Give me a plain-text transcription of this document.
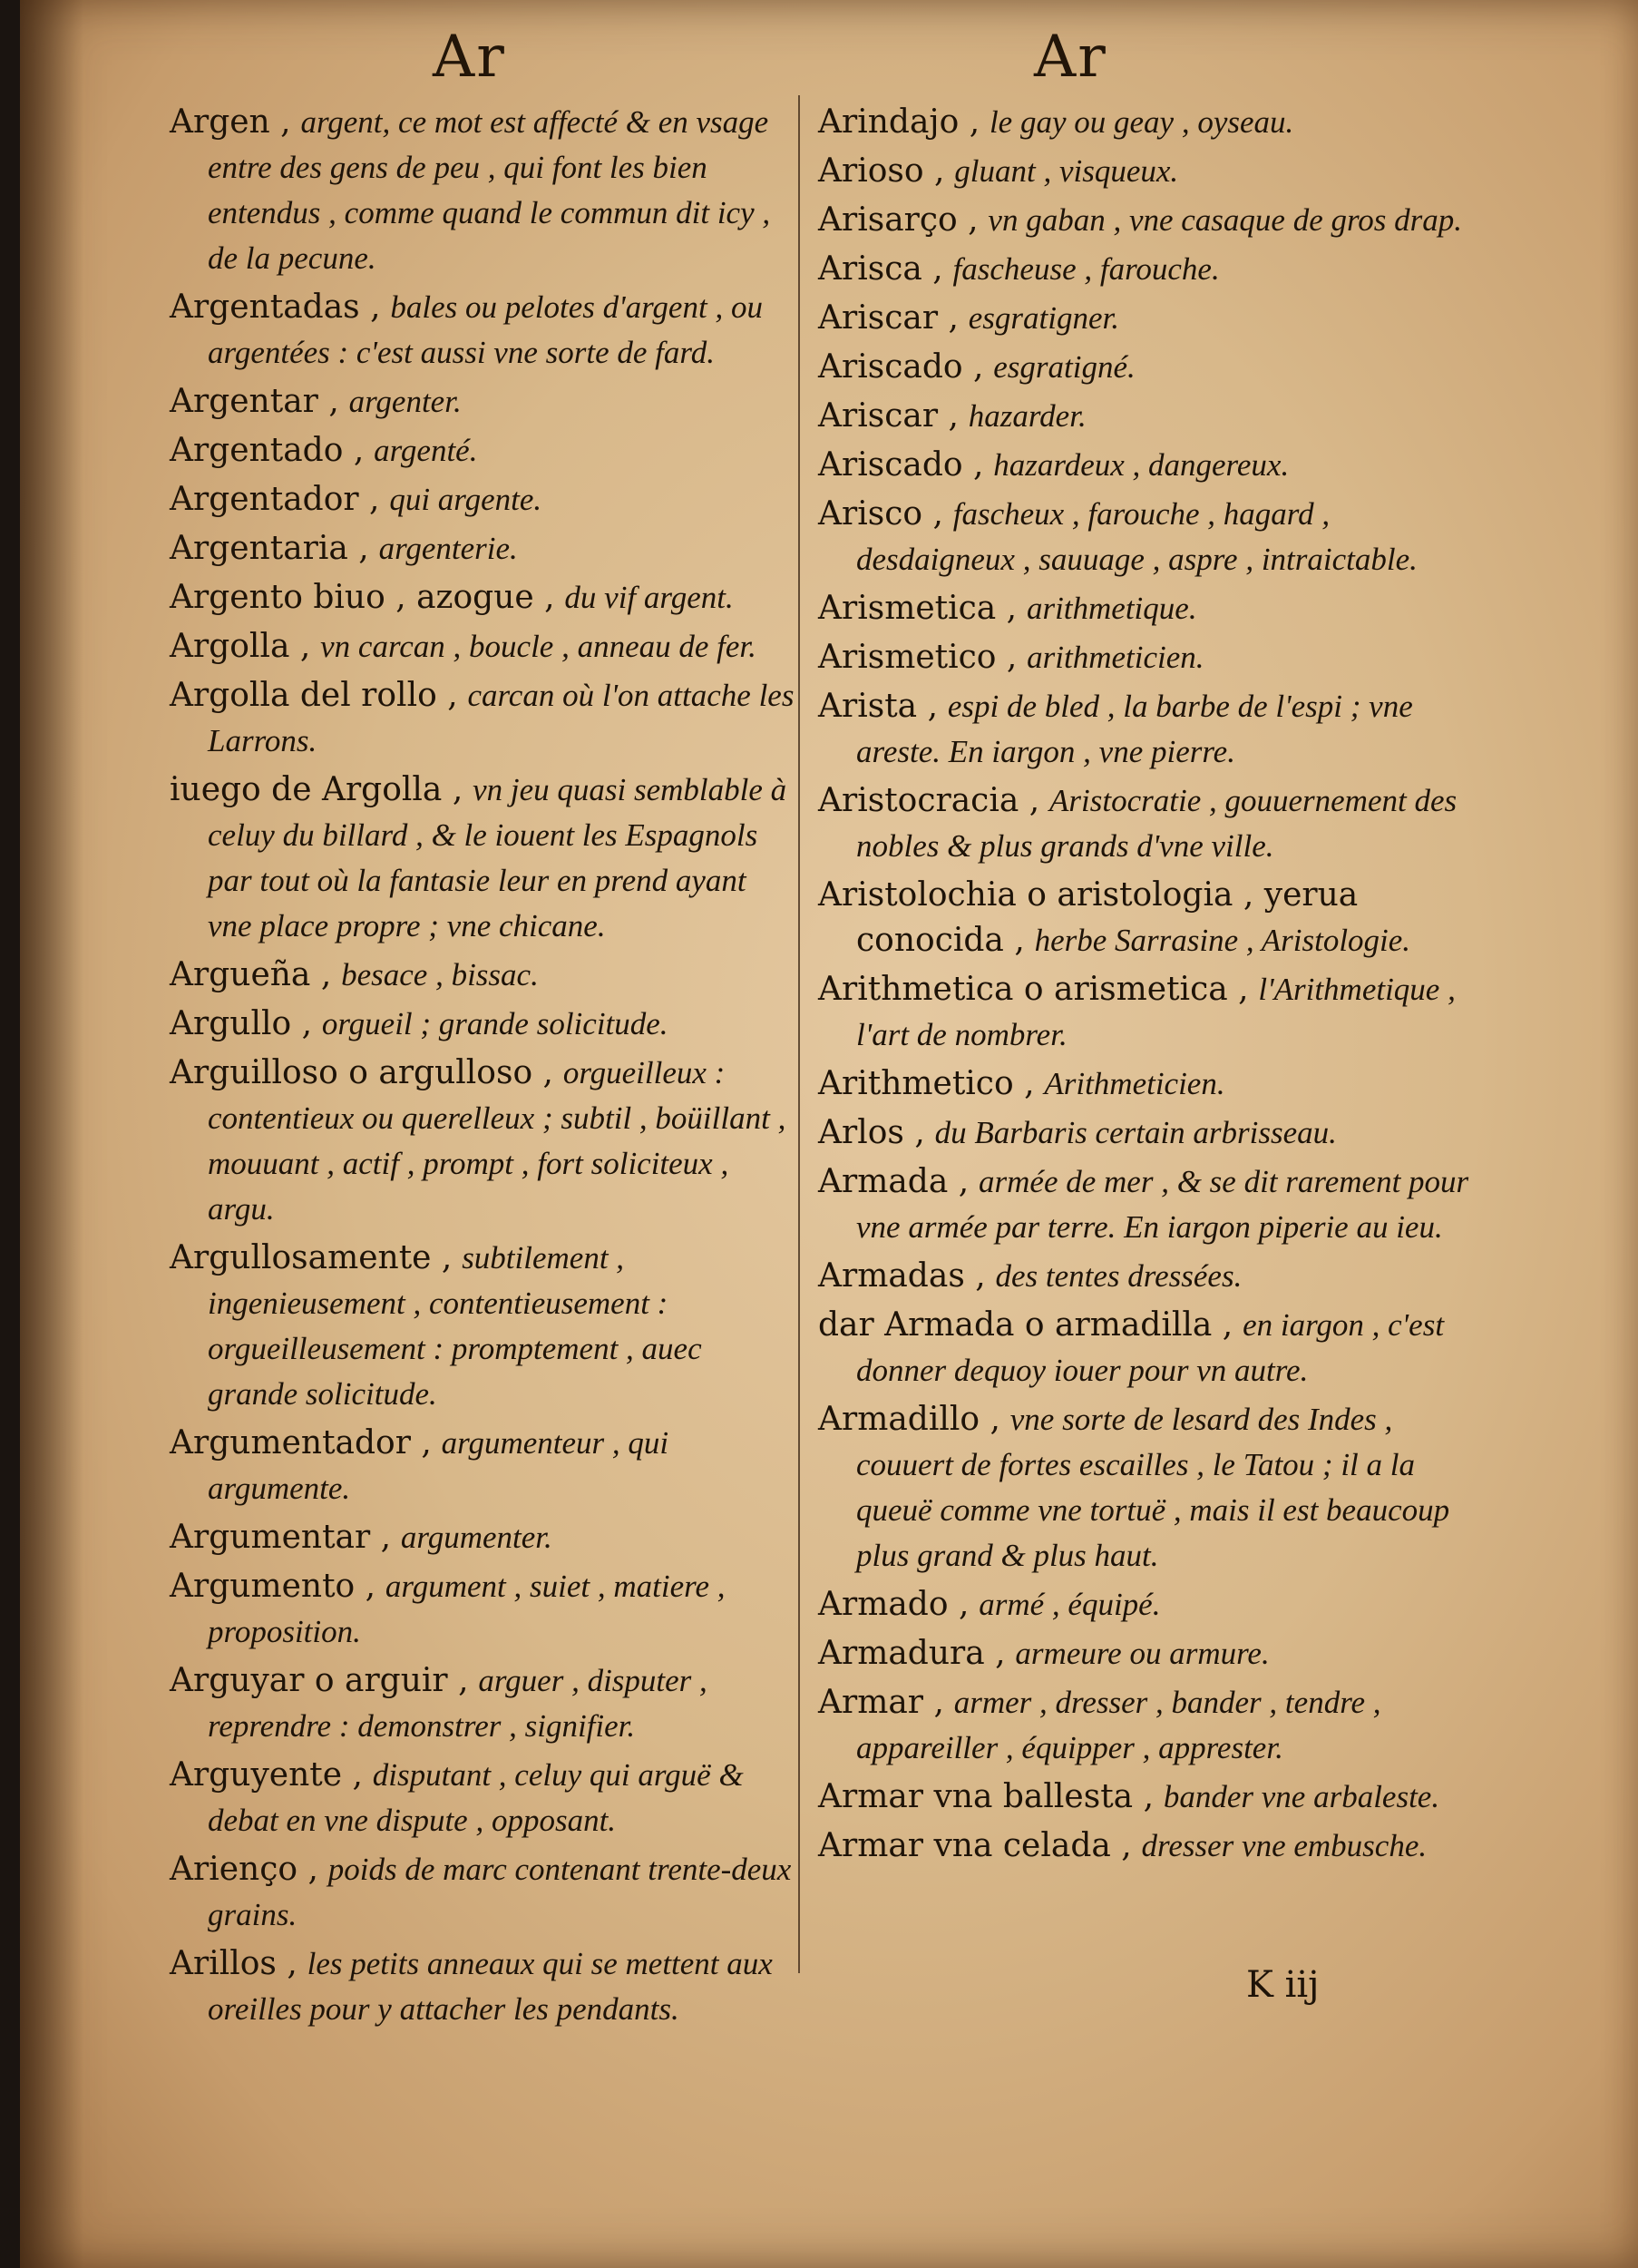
Ar	Ar
Argen , argent, ce mot est affecté & en vsage entre des gens de peu , qui font les bien entendus , comme quand le commun dit icy , de la pecune.
Argentadas , bales ou pelotes d'argent , ou argentées : c'est aussi vne sorte de fard.
Argentar , argenter.
Argentado , argenté.
Argentador , qui argente.
Argentaria , argenterie.
Argento biuo , azogue , du vif argent.
Argolla , vn carcan , boucle , anneau de fer.
Argolla del rollo , carcan où l'on attache les Larrons.
iuego de Argolla , vn jeu quasi semblable à celuy du billard , & le iouent les Espagnols par tout où la fantasie leur en prend ayant vne place propre ; vne chicane.
Argueña , besace , bissac.
Argullo , orgueil ; grande solicitude.
Arguilloso o argulloso , orgueilleux : contentieux ou querelleux ; subtil , boüillant , mouuant , actif , prompt , fort soliciteux , argu.
Argullosamente , subtilement , ingenieusement , contentieusement : orgueilleusement : promptement , auec grande solicitude.
Argumentador , argumenteur , qui argumente.
Argumentar , argumenter.
Argumento , argument , suiet , matiere , proposition.
Arguyar o arguir , arguer , disputer , reprendre : demonstrer , signifier.
Arguyente , disputant , celuy qui arguë & debat en vne dispute , opposant.
Ariençο , poids de marc contenant trente-deux grains.
Arillos , les petits anneaux qui se mettent aux oreilles pour y attacher les pendants.
Arindajo , le gay ou geay , oyseau.
Arioso , gluant , visqueux.
Arisarço , vn gaban , vne casaque de gros drap.
Arisca , fascheuse , farouche.
Ariscar , esgratigner.
Ariscado , esgratigné.
Ariscar , hazarder.
Ariscado , hazardeux , dangereux.
Arisco , fascheux , farouche , hagard , desdaigneux , sauuage , aspre , intraictable.
Arismetica , arithmetique.
Arismetico , arithmeticien.
Arista , espi de bled , la barbe de l'espi ; vne areste. En iargon , vne pierre.
Aristocracia , Aristocratie , gouuernement des nobles & plus grands d'vne ville.
Aristolochia o aristologia , yerua conocida , herbe Sarrasine , Aristologie.
Arithmetica o arismetica , l'Arithmetique , l'art de nombrer.
Arithmetico , Arithmeticien.
Arlos , du Barbaris certain arbrisseau.
Armada , armée de mer , & se dit rarement pour vne armée par terre. En iargon piperie au ieu.
Armadas , des tentes dressées.
dar Armada o armadilla , en iargon , c'est donner dequoy iouer pour vn autre.
Armadillo , vne sorte de lesard des Indes , couuert de fortes escailles , le Tatou ; il a la queuë comme vne tortuë , mais il est beaucoup plus grand & plus haut.
Armado , armé , équipé.
Armadura , armeure ou armure.
Armar , armer , dresser , bander , tendre , appareiller , équipper , apprester.
Armar vna ballesta , bander vne arbaleste.
Armar vna celada , dresser vne embusche.
K iij
